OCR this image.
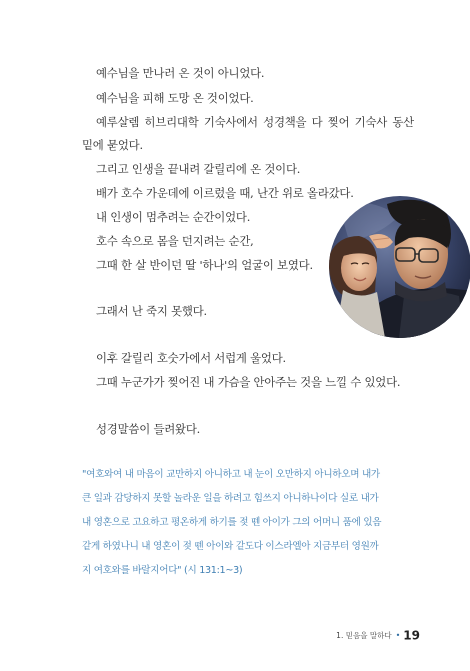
예수님을 만나러 온 것이 아니었다.
예수님을 피해 도망 온 것이었다.
예루살렘 히브리대학 기숙사에서 성경책을 다 찢어 기숙사 동산
밑에 묻었다.
그리고 인생을 끝내려 갈릴리에 온 것이다.
배가 호수 가운데에 이르렀을 때, 난간 위로 올라갔다.
내 인생이 멈추려는 순간이었다.
호수 속으로 몸을 던지려는 순간,
그때 한 살 반이던 딸 '하나'의 얼굴이 보였다.
그래서 난 죽지 못했다.
이후 갈릴리 호숫가에서 서럽게 울었다.
그때 누군가가 찢어진 내 가슴을 안아주는 것을 느낄 수 있었다.
성경말씀이 들려왔다.
"여호와여 내 마음이 교만하지 아니하고 내 눈이 오만하지 아니하오며 내가
큰 일과 감당하지 못할 놀라운 일을 하려고 힘쓰지 아니하나이다 실로 내가
내 영혼으로 고요하고 평온하게 하기를 젖 뗀 아이가 그의 어머니 품에 있음
같게 하였나니 내 영혼이 젖 뗀 아이와 같도다 이스라엘아 지금부터 영원까
지 여호와를 바랄지어다" (시 131:1~3)
1. 믿음을 말하다 • 19
